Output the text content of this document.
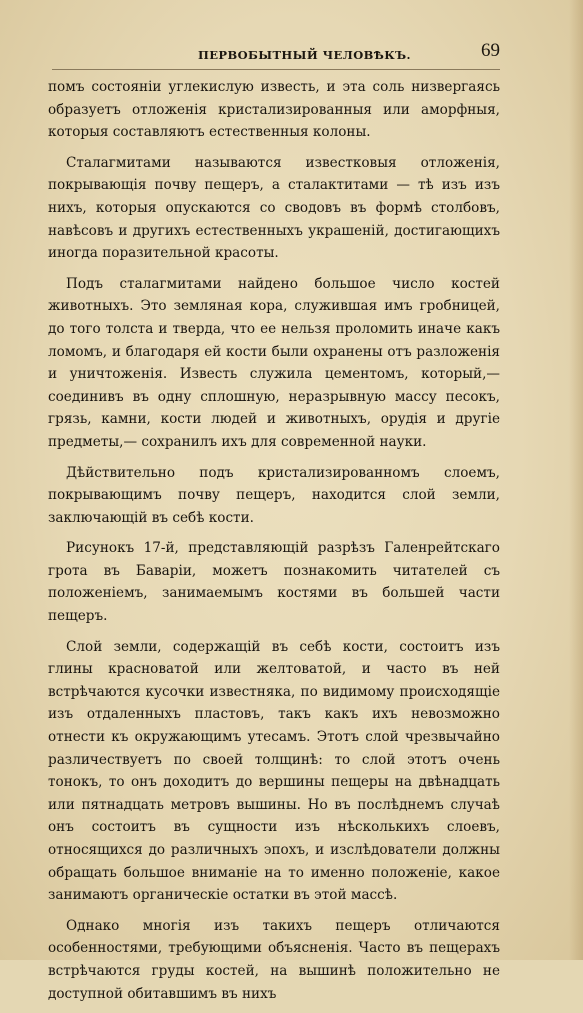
ПЕРВОБЫТНЫЙ ЧЕЛОВѢКЪ.	69

помъ состояніи углекислую известь, и эта соль низвергаясь образуетъ отложенія кристализированныя или аморфныя, которыя составляютъ естественныя колоны.

Сталагмитами называются известковыя отложенія, покрывающія почву пещеръ, а сталактитами — тѣ изъ изъ нихъ, которыя опускаются со сводовъ въ формѣ столбовъ, навѣсовъ и другихъ естественныхъ украшеній, достигающихъ иногда поразительной красоты.

Подъ сталагмитами найдено большое число костей животныхъ. Это земляная кора, служившая имъ гробницей, до того толста и тверда, что ее нельзя проломить иначе какъ ломомъ, и благодаря ей кости были охранены отъ разложенія и уничтоженія. Известь служила цементомъ, который,— соединивъ въ одну сплошную, неразрывную массу песокъ, грязь, камни, кости людей и животныхъ, орудія и другіе предметы,— сохранилъ ихъ для современной науки.

Дѣйствительно подъ кристализированномъ слоемъ, покрывающимъ почву пещеръ, находится слой земли, заключающій въ себѣ кости.

Рисунокъ 17-й, представляющій разрѣзъ Галенрейтскаго грота въ Баваріи, можетъ познакомить читателей съ положеніемъ, занимаемымъ костями въ большей части пещеръ.

Слой земли, содержащій въ себѣ кости, состоитъ изъ глины красноватой или желтоватой, и часто въ ней встрѣчаются кусочки известняка, по видимому происходящіе изъ отдаленныхъ пластовъ, такъ какъ ихъ невозможно отнести къ окружающимъ утесамъ. Этотъ слой чрезвычайно различествуетъ по своей толщинѣ: то слой этотъ очень тонокъ, то онъ доходитъ до вершины пещеры на двѣнадцать или пятнадцать метровъ вышины. Но въ послѣднемъ случаѣ онъ состоитъ въ сущности изъ нѣсколькихъ слоевъ, относящихся до различныхъ эпохъ, и изслѣдователи должны обращать большое вниманіе на то именно положеніе, какое занимаютъ органическіе остатки въ этой массѣ.

Однако многія изъ такихъ пещеръ отличаются особенностями, требующими объясненія. Часто въ пещерахъ встрѣчаются груды костей, на вышинѣ положительно не доступной обитавшимъ въ нихъ
